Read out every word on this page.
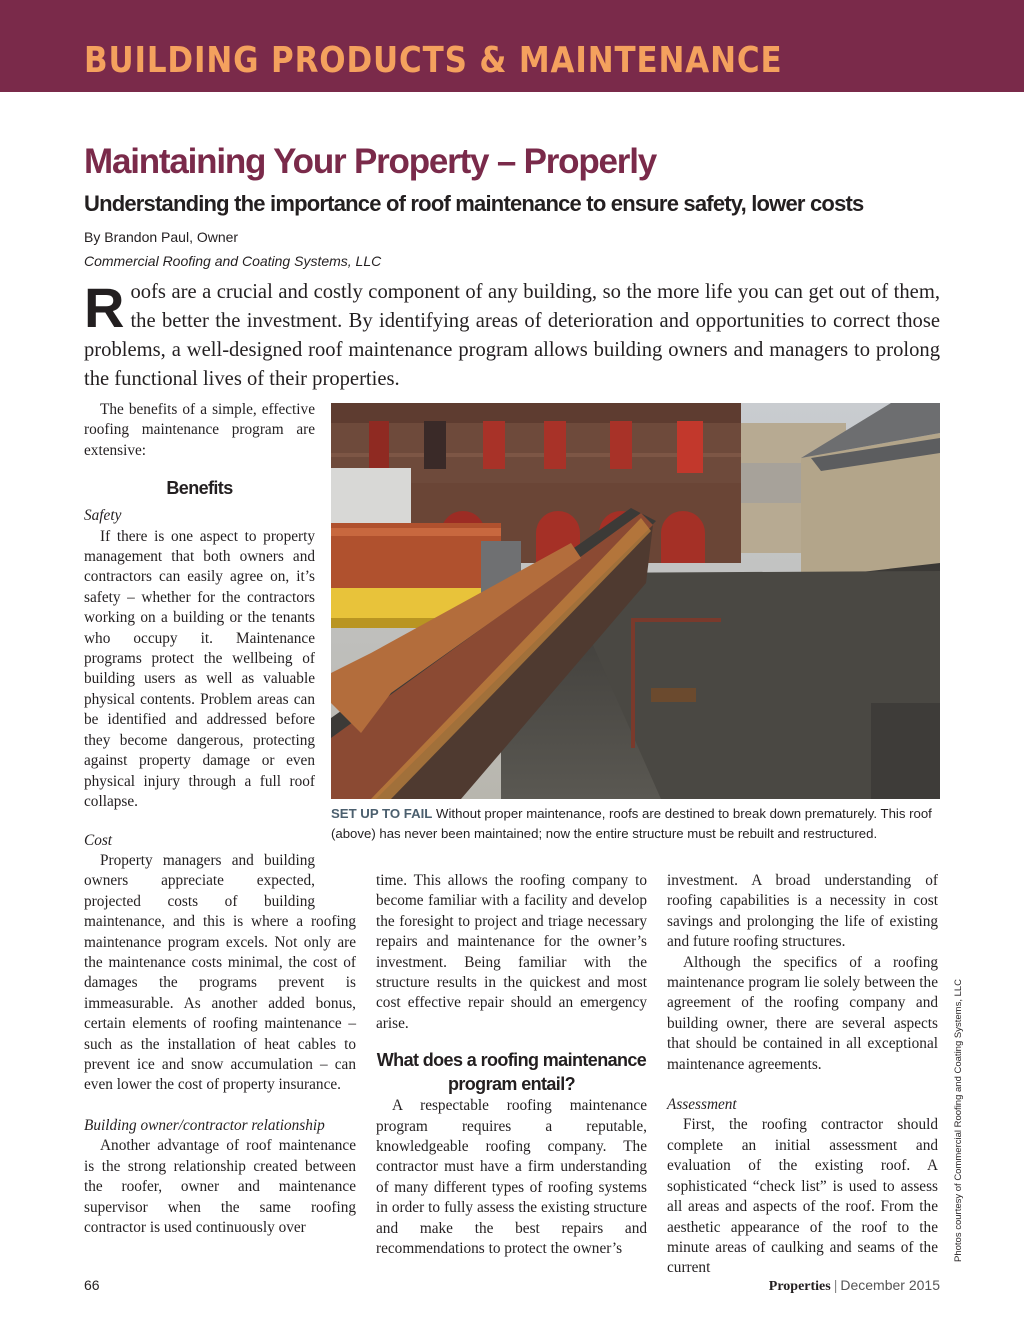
BUILDING PRODUCTS & MAINTENANCE
Maintaining Your Property – Properly
Understanding the importance of roof maintenance to ensure safety, lower costs
By Brandon Paul, Owner
Commercial Roofing and Coating Systems, LLC

Roofs are a crucial and costly component of any building, so the more life you can get out of them, the better the investment. By identifying areas of deterioration and opportunities to correct those problems, a well-designed roof maintenance program allows building owners and managers to prolong the functional lives of their properties.

The benefits of a simple, effective roofing maintenance program are extensive:

Benefits

Safety

If there is one aspect to property management that both owners and contractors can easily agree on, it’s safety – whether for the contractors working on a building or the tenants who occupy it. Maintenance programs protect the wellbeing of building users as well as valuable physical contents. Problem areas can be identified and addressed before they become dangerous, protecting against property damage or even physical injury through a full roof collapse.

Cost

Property managers and building owners appreciate expected, projected costs of building maintenance, and this is where a roofing maintenance program excels. Not only are the maintenance costs minimal, the cost of damages the programs prevent is immeasurable. As another added bonus, certain elements of roofing maintenance – such as the installation of heat cables to prevent ice and snow accumulation – can even lower the cost of property insurance.

Building owner/contractor relationship

Another advantage of roof maintenance is the strong relationship created between the roofer, owner and maintenance supervisor when the same roofing contractor is used continuously over

SET UP TO FAIL Without proper maintenance, roofs are destined to break down prematurely. This roof (above) has never been maintained; now the entire structure must be rebuilt and restructured.

time. This allows the roofing company to become familiar with a facility and develop the foresight to project and triage necessary repairs and maintenance for the owner’s investment. Being familiar with the structure results in the quickest and most cost effective repair should an emergency arise.

What does a roofing maintenance program entail?

A respectable roofing maintenance program requires a reputable, knowledgeable roofing company. The contractor must have a firm understanding of many different types of roofing systems in order to fully assess the existing structure and make the best repairs and recommendations to protect the owner’s

investment. A broad understanding of roofing capabilities is a necessity in cost savings and prolonging the life of existing and future roofing structures.

Although the specifics of a roofing maintenance program lie solely between the agreement of the roofing company and building owner, there are several aspects that should be contained in all exceptional maintenance agreements.

Assessment

First, the roofing contractor should complete an initial assessment and evaluation of the existing roof. A sophisticated “check list” is used to assess all areas and aspects of the roof. From the aesthetic appearance of the roof to the minute areas of caulking and seams of the current

Photos courtesy of Commercial Roofing and Coating Systems, LLC
66	Properties | December 2015
